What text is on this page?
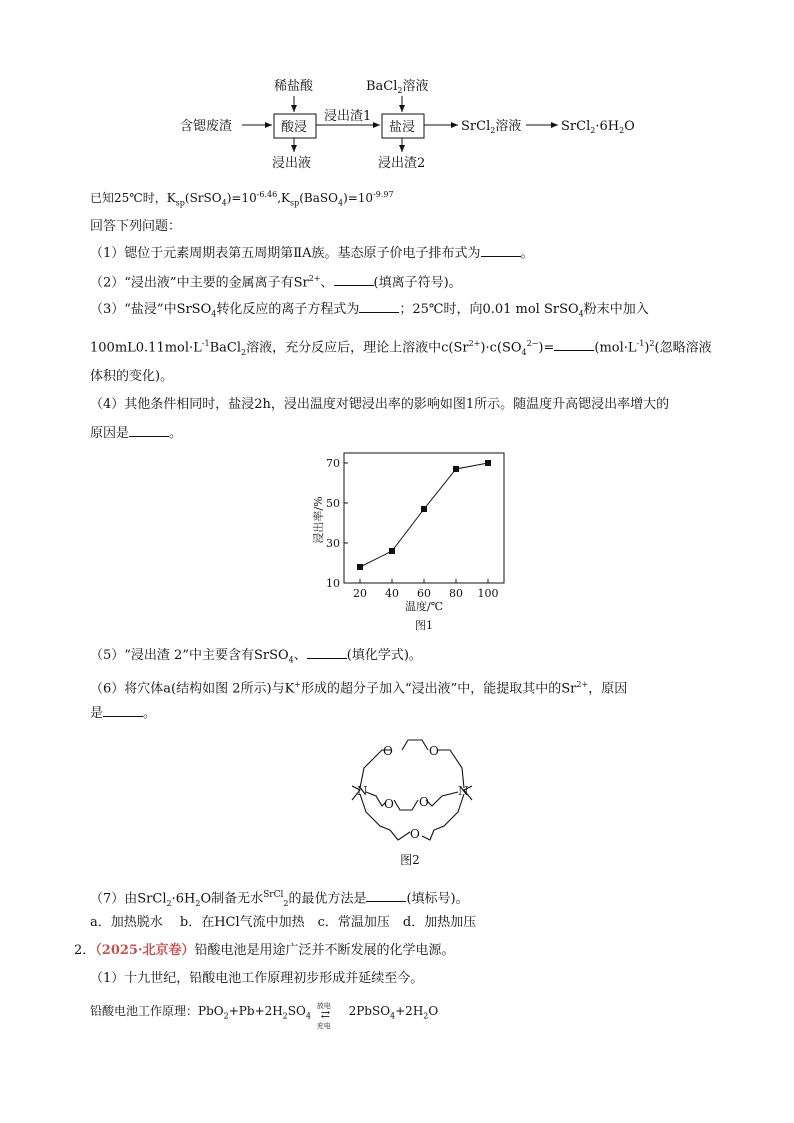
稀盐酸	BaCl$_2$溶液
含锶废渣	酸浸
浸出渣1
盐浸	SrCl$_2$溶液	$SrCl_2\cdot 6H_2O$
浸出液	浸出渣2
已知25℃时，$K_{sp}(SrSO_4)=10^{-6.46},K_{sp}(BaSO_4)=10^{-9.97}$
回答下列问题：
（1）锶位于元素周期表第五周期第ⅡA族。基态原子价电子排布式为	。
（2）“浸出液”中主要的金属离子有$Sr^{2+}$、	(填离子符号)。
（3）“盐浸”中SrSO$_4$转化反应的离子方程式为	；25℃时，向0.01 mol SrSO$_4$粉末中加入
$100mL0.11mol\cdot L^{-1}BaCl_2$溶液，充分反应后，理论上溶液中$c(Sr^{2+})\cdot c(SO_4^{2-})=$	$(mol\cdot L^{-1})^2$(忽略溶液
体积的变化)。
（4）其他条件相同时，盐浸2h，浸出温度对锶浸出率的影响如图1所示。随温度升高锶浸出率增大的
原因是	。
10
30
50
70
20 40 60 80 100
浸出率/%
温度/℃
图1
（5）“浸出渣 2”中主要含有SrSO$_4$、	(填化学式)。
（6）将穴体a(结构如图 2所示)与K+形成的超分子加入“浸出液”中，能提取其中的$Sr^{2+}$，原因
是	。
O	O
O O
O
N	N
图2
（7）由$SrCl_2\cdot 6H_2O$制备无水$^{SrCl}_2$的最优方法是	(填标号)。
a．加热脱水　 b．在HCl气流中加热　c．常温加压　d．加热加压
2．（2025·北京卷）铅酸电池是用途广泛并不断发展的化学电源。
（1）十九世纪，铅酸电池工作原理初步形成并延续至今。
铅酸电池工作原理：$PbO_2+Pb+2H_2SO_4$
放电
⇄
充电
$2PbSO_4+2H_2O$
